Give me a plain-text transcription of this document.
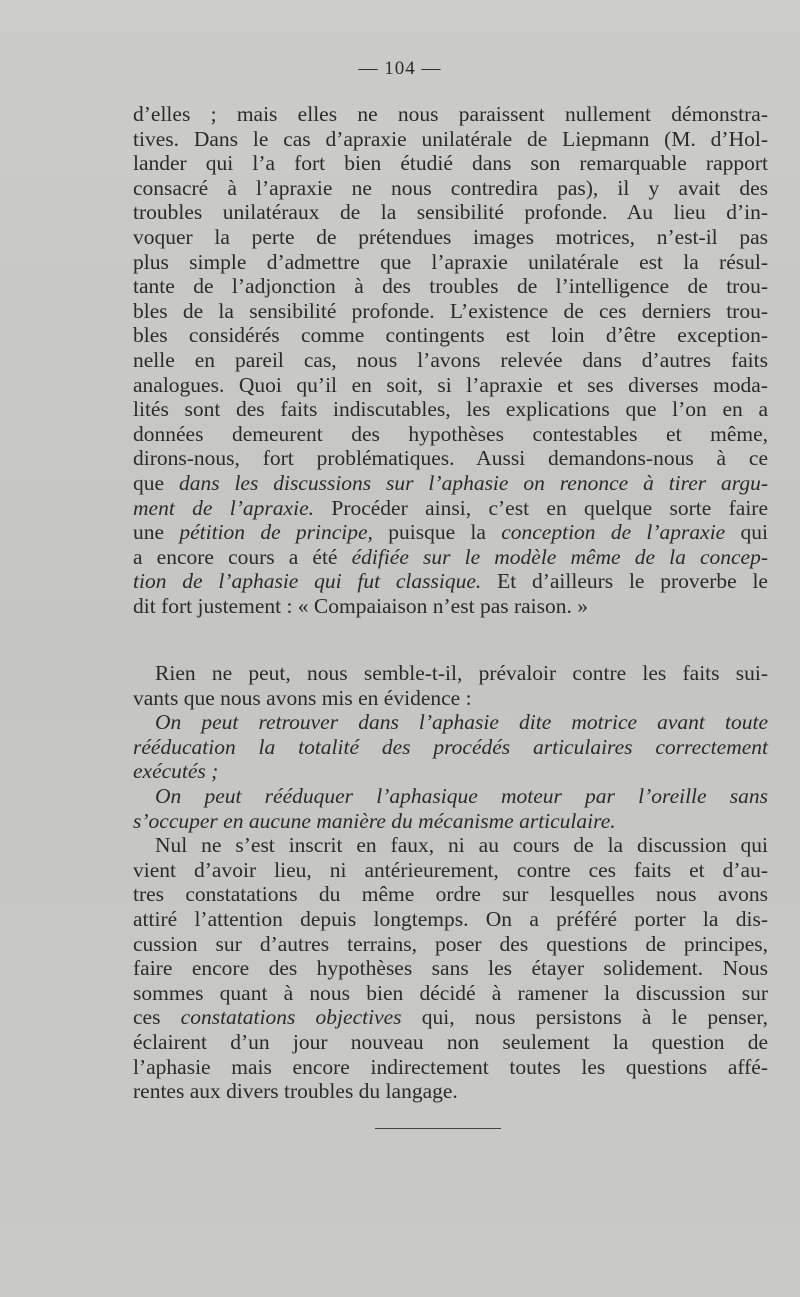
— 104 —
d’elles ; mais elles ne nous paraissent nullement démonstra-
tives. Dans le cas d’apraxie unilatérale de Liepmann (M. d’Hol-
lander qui l’a fort bien étudié dans son remarquable rapport
consacré à l’apraxie ne nous contredira pas), il y avait des
troubles unilatéraux de la sensibilité profonde. Au lieu d’in-
voquer la perte de prétendues images motrices, n’est-il pas
plus simple d’admettre que l’apraxie unilatérale est la résul-
tante de l’adjonction à des troubles de l’intelligence de trou-
bles de la sensibilité profonde. L’existence de ces derniers trou-
bles considérés comme contingents est loin d’être exception-
nelle en pareil cas, nous l’avons relevée dans d’autres faits
analogues. Quoi qu’il en soit, si l’apraxie et ses diverses moda-
lités sont des faits indiscutables, les explications que l’on en a
données demeurent des hypothèses contestables et même,
dirons-nous, fort problématiques. Aussi demandons-nous à ce
que dans les discussions sur l’aphasie on renonce à tirer argu-
ment de l’apraxie. Procéder ainsi, c’est en quelque sorte faire
une pétition de principe, puisque la conception de l’apraxie qui
a encore cours a été édifiée sur le modèle même de la concep-
tion de l’aphasie qui fut classique. Et d’ailleurs le proverbe le
dit fort justement : « Compaiaison n’est pas raison. »
Rien ne peut, nous semble-t-il, prévaloir contre les faits sui-
vants que nous avons mis en évidence :
On peut retrouver dans l’aphasie dite motrice avant toute
rééducation la totalité des procédés articulaires correctement
exécutés ;
On peut rééduquer l’aphasique moteur par l’oreille sans
s’occuper en aucune manière du mécanisme articulaire.
Nul ne s’est inscrit en faux, ni au cours de la discussion qui
vient d’avoir lieu, ni antérieurement, contre ces faits et d’au-
tres constatations du même ordre sur lesquelles nous avons
attiré l’attention depuis longtemps. On a préféré porter la dis-
cussion sur d’autres terrains, poser des questions de principes,
faire encore des hypothèses sans les étayer solidement. Nous
sommes quant à nous bien décidé à ramener la discussion sur
ces constatations objectives qui, nous persistons à le penser,
éclairent d’un jour nouveau non seulement la question de
l’aphasie mais encore indirectement toutes les questions affé-
rentes aux divers troubles du langage.
